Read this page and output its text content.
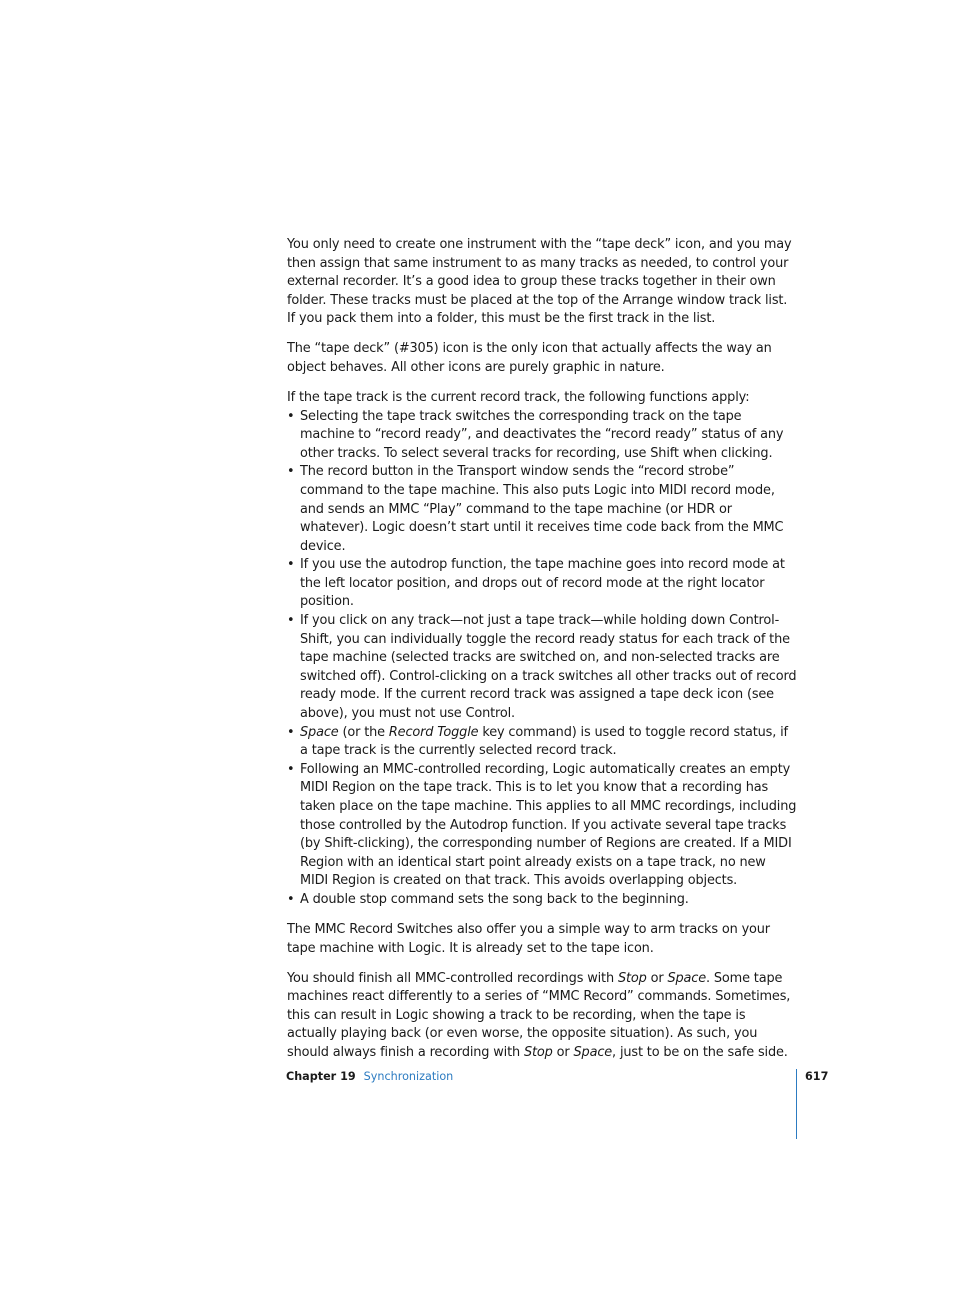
You only need to create one instrument with the “tape deck” icon, and you may then assign that same instrument to as many tracks as needed, to control your external recorder. It’s a good idea to group these tracks together in their own folder. These tracks must be placed at the top of the Arrange window track list. If you pack them into a folder, this must be the first track in the list.

The “tape deck” (#305) icon is the only icon that actually affects the way an object behaves. All other icons are purely graphic in nature.

If the tape track is the current record track, the following functions apply:

• Selecting the tape track switches the corresponding track on the tape machine to “record ready”, and deactivates the “record ready” status of any other tracks. To select several tracks for recording, use Shift when clicking.
• The record button in the Transport window sends the “record strobe” command to the tape machine. This also puts Logic into MIDI record mode, and sends an MMC “Play” command to the tape machine (or HDR or whatever). Logic doesn’t start until it receives time code back from the MMC device.
• If you use the autodrop function, the tape machine goes into record mode at the left locator position, and drops out of record mode at the right locator position.
• If you click on any track—not just a tape track—while holding down Control-Shift, you can individually toggle the record ready status for each track of the tape machine (selected tracks are switched on, and non-selected tracks are switched off). Control-clicking on a track switches all other tracks out of record ready mode. If the current record track was assigned a tape deck icon (see above), you must not use Control.
• Space (or the Record Toggle key command) is used to toggle record status, if a tape track is the currently selected record track.
• Following an MMC-controlled recording, Logic automatically creates an empty MIDI Region on the tape track. This is to let you know that a recording has taken place on the tape machine. This applies to all MMC recordings, including those controlled by the Autodrop function. If you activate several tape tracks (by Shift-clicking), the corresponding number of Regions are created. If a MIDI Region with an identical start point already exists on a tape track, no new MIDI Region is created on that track. This avoids overlapping objects.
• A double stop command sets the song back to the beginning.

The MMC Record Switches also offer you a simple way to arm tracks on your tape machine with Logic. It is already set to the tape icon.

You should finish all MMC-controlled recordings with Stop or Space. Some tape machines react differently to a series of “MMC Record” commands. Sometimes, this can result in Logic showing a track to be recording, when the tape is actually playing back (or even worse, the opposite situation). As such, you should always finish a recording with Stop or Space, just to be on the safe side.

Chapter 19 Synchronization	617
